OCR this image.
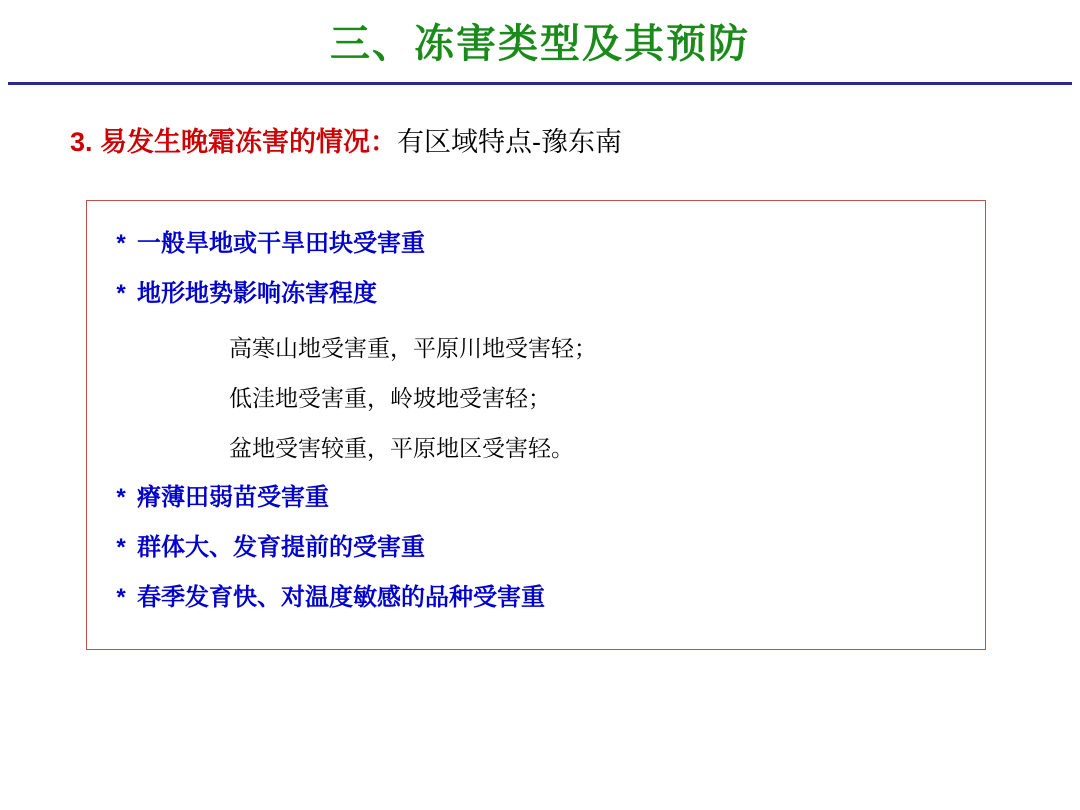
三、冻害类型及其预防
3. 易发生晚霜冻害的情况：有区域特点-豫东南
* 一般旱地或干旱田块受害重
* 地形地势影响冻害程度
高寒山地受害重，平原川地受害轻；
低洼地受害重，岭坡地受害轻；
盆地受害较重，平原地区受害轻。
* 瘠薄田弱苗受害重
* 群体大、发育提前的受害重
* 春季发育快、对温度敏感的品种受害重
